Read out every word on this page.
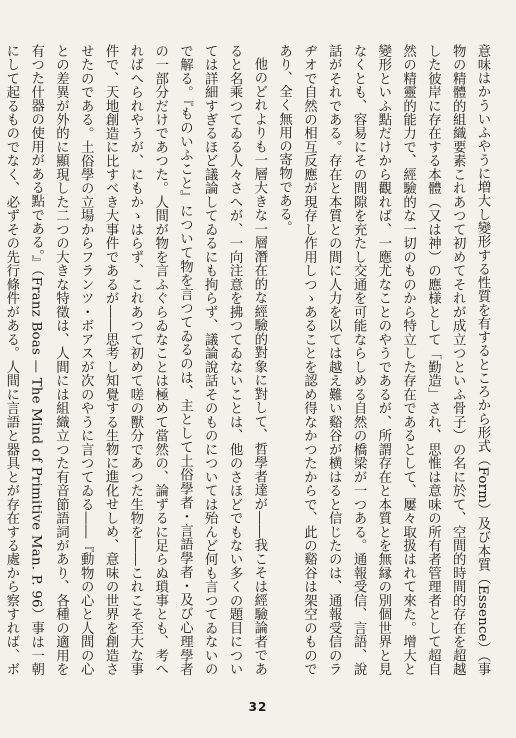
意味はかういふやうに増大し變形する性質を有するところから形式（Form）及び本質（Essence）（事物の精體的組織要素これあつて初めてそれが成立つといふ骨子）の名に於て、空間的時間的存在を超越した彼岸に存在する本體（又は神）の應様として「勤造」され、思惟は意味の所有者管理者として超自然の精靈的能力で、經驗的な一切のものから特立した存在であるとして、屢々取扱はれて來た。增大と變形といふ點だけから觀れば、一應尤なことのやうであるが、所謂存在と本質とを無縁の別個世界と見なくとも、容易にその間隙を充たし交通を可能ならしめる自然の橋梁が一つある。通報受信、言語、說話がそれである。存在と本質との間に人力を以ては越え難い谿谷が横はると信じたのは、通報受信のラヂオで自然の相互反應が現存し作用しつゝあることを認め得なかつたからで、此の谿谷は架空のものであり、全く無用の寄物である。

他のどれよりも一層大きな一層潛在的な經驗的對象に對して、哲學者達が――我こそは經驗論者であると名乘つてゐる人々さへが、一向注意を拂つてゐないことは、他のさほどでもない多くの題目については詳細すぎるほど議論してゐるにも拘らず、議論說話そのものについては殆んど何も言つてゐないので解る。『ものいふこと』について物を言つてゐるのは、主として土俗學者・言語學者・及び心理學者の一部分だけであつた。人間が物を言ふぐらゐなことは極めて當然の、論ずるに足らぬ瑣事とも、考へればへられやうが、にもかゝはらず、これあつて初めて嗟の獸分であつた生物を――これこそ至大な事件で、天地創造に比すべき大事件であるが――思考し知覺する生物に進化せしめ、意味の世界を創造させたのである。土俗學の立場からフランツ・ボアスが次のやうに言つてゐる――『動物の心と人間の心との差異が外的に顯現した二つの大きな特徵は、人間には組織立つた有音節語詞があり、各種の適用を有つた什器の使用がある點である。』（Franz Boas — The Mind of Primitive Man. P. 96）事は一朝にして起るものでなく、必ずその先行條件がある。人間に言語と器具とが存在する處から察すれば、ボ

32
